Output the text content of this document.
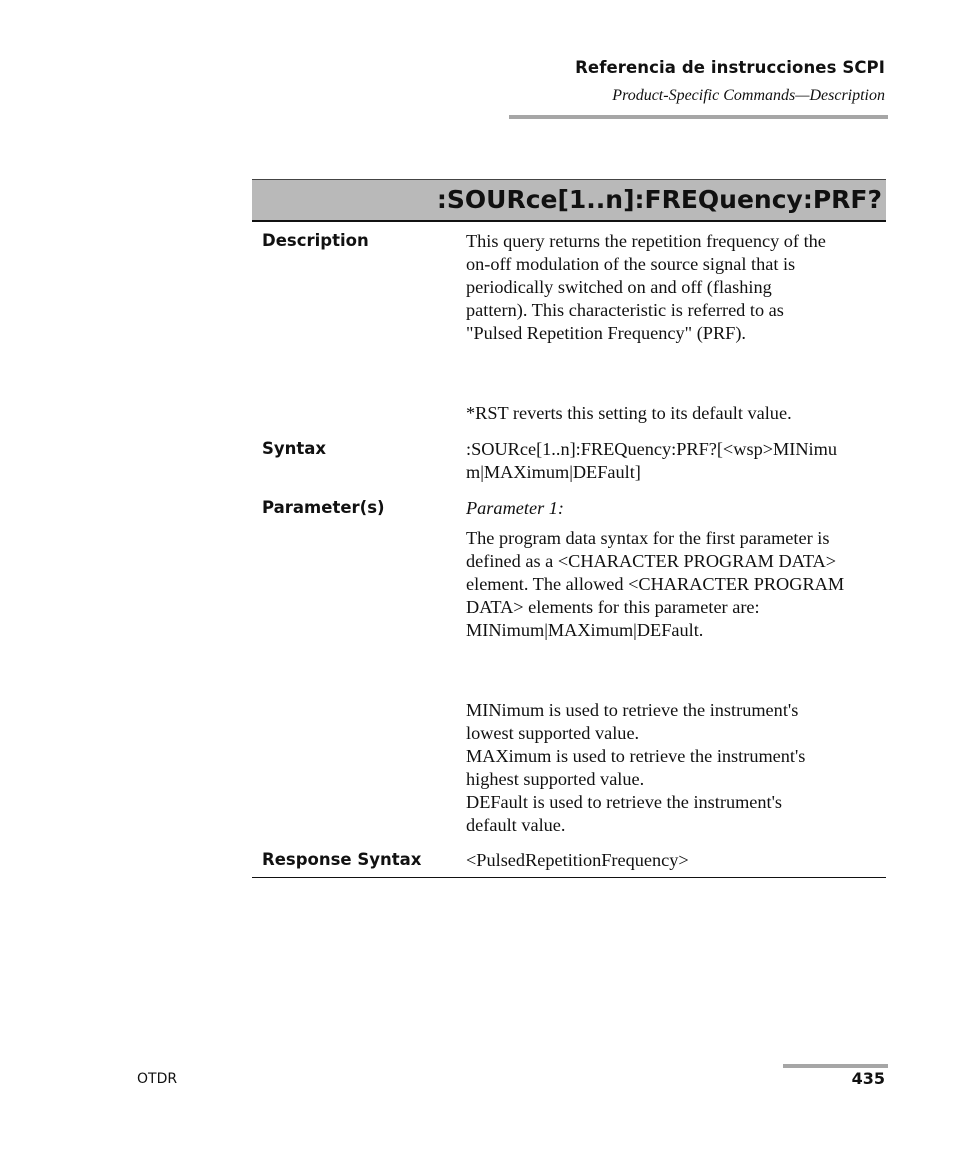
Referencia de instrucciones SCPI
Product-Specific Commands—Description
:SOURce[1..n]:FREQuency:PRF?
Description	This query returns the repetition frequency of the
on-off modulation of the source signal that is
periodically switched on and off (flashing
pattern). This characteristic is referred to as
"Pulsed Repetition Frequency" (PRF).
*RST reverts this setting to its default value.
Syntax	:SOURce[1..n]:FREQuency:PRF?[<wsp>MINimu
m|MAXimum|DEFault]
Parameter(s)	Parameter 1:
The program data syntax for the first parameter is
defined as a <CHARACTER PROGRAM DATA>
element. The allowed <CHARACTER PROGRAM
DATA> elements for this parameter are:
MINimum|MAXimum|DEFault.
MINimum is used to retrieve the instrument's
lowest supported value.
MAXimum is used to retrieve the instrument's
highest supported value.
DEFault is used to retrieve the instrument's
default value.
Response Syntax <PulsedRepetitionFrequency>
OTDR	435
